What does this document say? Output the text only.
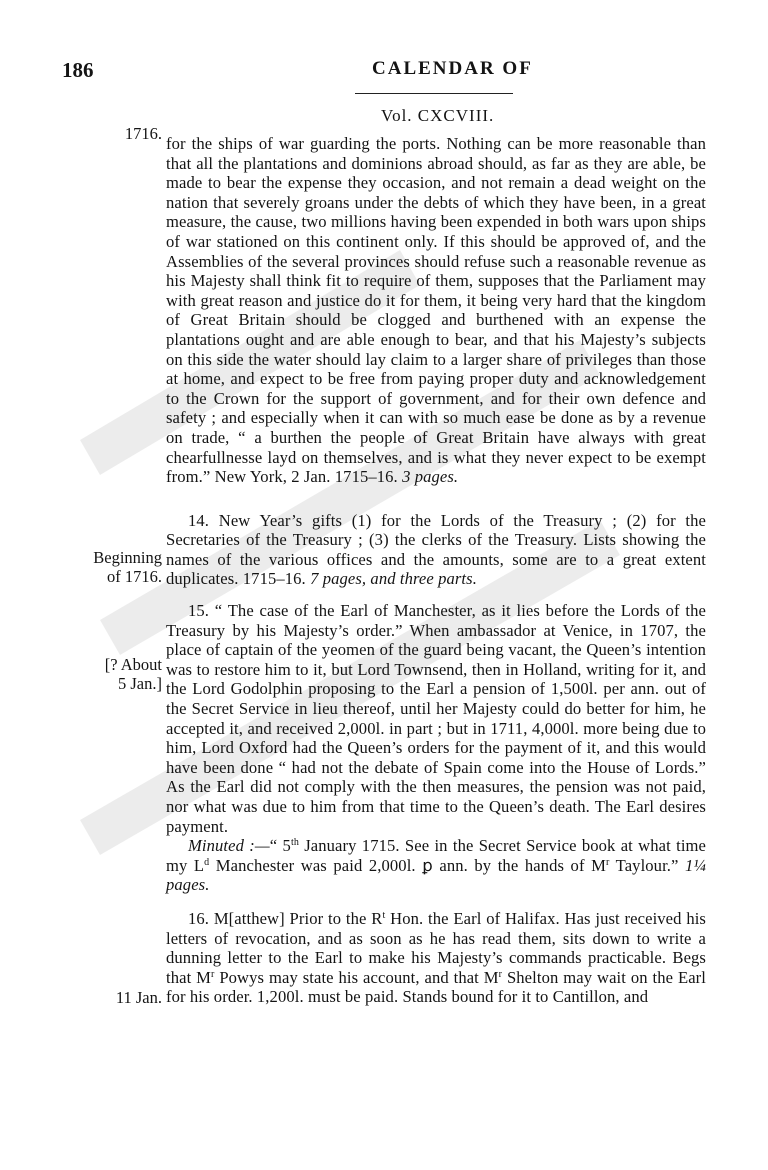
186	CALENDAR OF
Vol. CXCVIII.
1716.
Beginning
of 1716.
[? About
5 Jan.]
11 Jan.

for the ships of war guarding the ports. Nothing can be more reasonable than that all the plantations and dominions abroad should, as far as they are able, be made to bear the expense they occasion, and not remain a dead weight on the nation that severely groans under the debts of which they have been, in a great measure, the cause, two millions having been expended in both wars upon ships of war stationed on this continent only. If this should be approved of, and the Assemblies of the several provinces should refuse such a reasonable revenue as his Majesty shall think fit to require of them, supposes that the Parliament may with great reason and justice do it for them, it being very hard that the kingdom of Great Britain should be clogged and burthened with an expense the plantations ought and are able enough to bear, and that his Majesty’s subjects on this side the water should lay claim to a larger share of privileges than those at home, and expect to be free from paying proper duty and acknowledgement to the Crown for the support of government, and for their own defence and safety ; and especially when it can with so much ease be done as by a revenue on trade, “ a burthen the people of Great Britain have always with great chearfullnesse layd on themselves, and is what they never expect to be exempt from.” New York, 2 Jan. 1715–16. 3 pages.

14. New Year’s gifts (1) for the Lords of the Treasury ; (2) for the Secretaries of the Treasury ; (3) the clerks of the Treasury. Lists showing the names of the various offices and the amounts, some are to a great extent duplicates. 1715–16. 7 pages, and three parts.

15. “ The case of the Earl of Manchester, as it lies before the Lords of the Treasury by his Majesty’s order.” When ambassador at Venice, in 1707, the place of captain of the yeomen of the guard being vacant, the Queen’s intention was to restore him to it, but Lord Townsend, then in Holland, writing for it, and the Lord Godolphin proposing to the Earl a pension of 1,500l. per ann. out of the Secret Service in lieu thereof, until her Majesty could do better for him, he accepted it, and received 2,000l. in part ; but in 1711, 4,000l. more being due to him, Lord Oxford had the Queen’s orders for the payment of it, and this would have been done “ had not the debate of Spain come into the House of Lords.” As the Earl did not comply with the then measures, the pension was not paid, nor what was due to him from that time to the Queen’s death. The Earl desires payment.

Minuted :—“ 5th January 1715. See in the Secret Service book at what time my $L^d$ Manchester was paid 2,000l. ꝑ ann. by the hands of $M^r$ Taylour.” 1¼ pages.

16. M[atthew] Prior to the $R^t$ Hon. the Earl of Halifax. Has just received his letters of revocation, and as soon as he has read them, sits down to write a dunning letter to the Earl to make his Majesty’s commands practicable. Begs that $M^r$ Powys may state his account, and that $M^r$ Shelton may wait on the Earl for his order. 1,200l. must be paid. Stands bound for it to Cantillon, and
